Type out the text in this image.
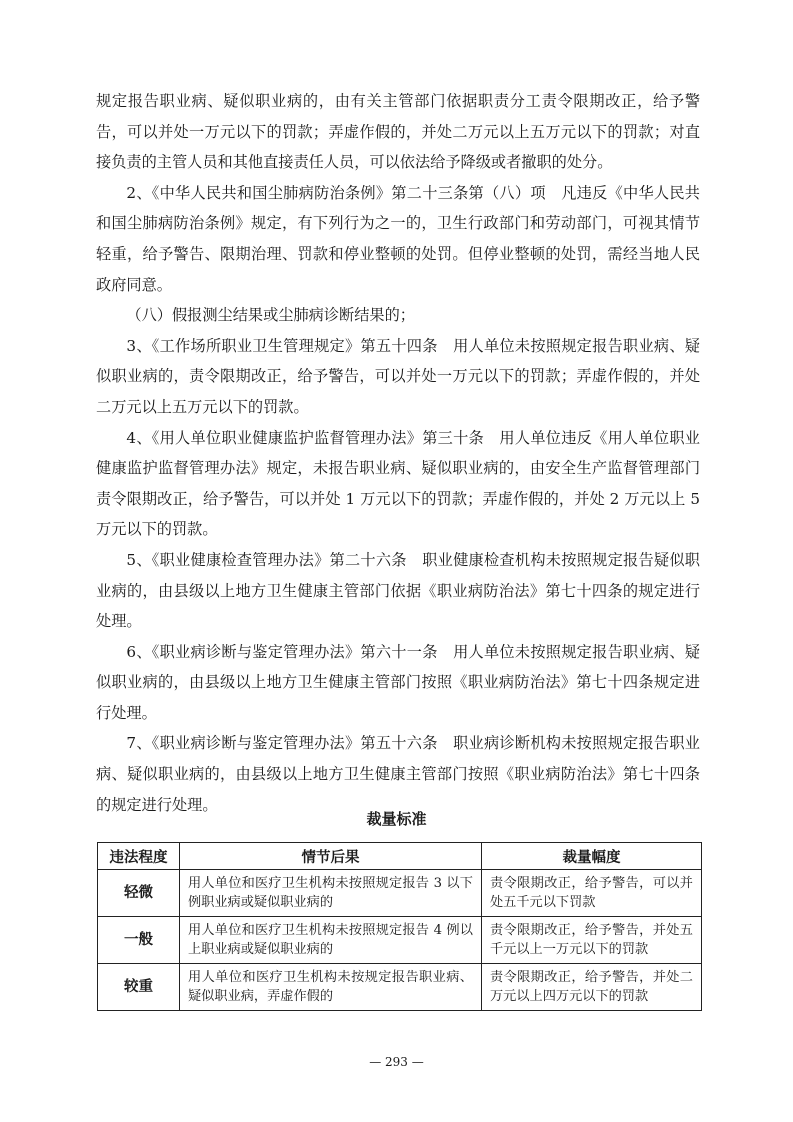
规定报告职业病、疑似职业病的，由有关主管部门依据职责分工责令限期改正，给予警告，可以并处一万元以下的罚款；弄虚作假的，并处二万元以上五万元以下的罚款；对直接负责的主管人员和其他直接责任人员，可以依法给予降级或者撤职的处分。

2、《中华人民共和国尘肺病防治条例》第二十三条第（八）项　凡违反《中华人民共和国尘肺病防治条例》规定，有下列行为之一的，卫生行政部门和劳动部门，可视其情节轻重，给予警告、限期治理、罚款和停业整顿的处罚。但停业整顿的处罚，需经当地人民政府同意。

（八）假报测尘结果或尘肺病诊断结果的；

3、《工作场所职业卫生管理规定》第五十四条　用人单位未按照规定报告职业病、疑似职业病的，责令限期改正，给予警告，可以并处一万元以下的罚款；弄虚作假的，并处二万元以上五万元以下的罚款。

4、《用人单位职业健康监护监督管理办法》第三十条　用人单位违反《用人单位职业健康监护监督管理办法》规定，未报告职业病、疑似职业病的，由安全生产监督管理部门责令限期改正，给予警告，可以并处 1 万元以下的罚款；弄虚作假的，并处 2 万元以上 5 万元以下的罚款。

5、《职业健康检查管理办法》第二十六条　职业健康检查机构未按照规定报告疑似职业病的，由县级以上地方卫生健康主管部门依据《职业病防治法》第七十四条的规定进行处理。

6、《职业病诊断与鉴定管理办法》第六十一条　用人单位未按照规定报告职业病、疑似职业病的，由县级以上地方卫生健康主管部门按照《职业病防治法》第七十四条规定进行处理。

7、《职业病诊断与鉴定管理办法》第五十六条　职业病诊断机构未按照规定报告职业病、疑似职业病的，由县级以上地方卫生健康主管部门按照《职业病防治法》第七十四条的规定进行处理。

裁量标准

违法程度	情节后果	裁量幅度
轻微	用人单位和医疗卫生机构未按照规定报告 3 以下例职业病或疑似职业病的	责令限期改正，给予警告，可以并处五千元以下罚款
一般	用人单位和医疗卫生机构未按照规定报告 4 例以上职业病或疑似职业病的	责令限期改正，给予警告，并处五千元以上一万元以下的罚款
较重	用人单位和医疗卫生机构未按规定报告职业病、疑似职业病，弄虚作假的	责令限期改正，给予警告，并处二万元以上四万元以下的罚款
— 293 —
